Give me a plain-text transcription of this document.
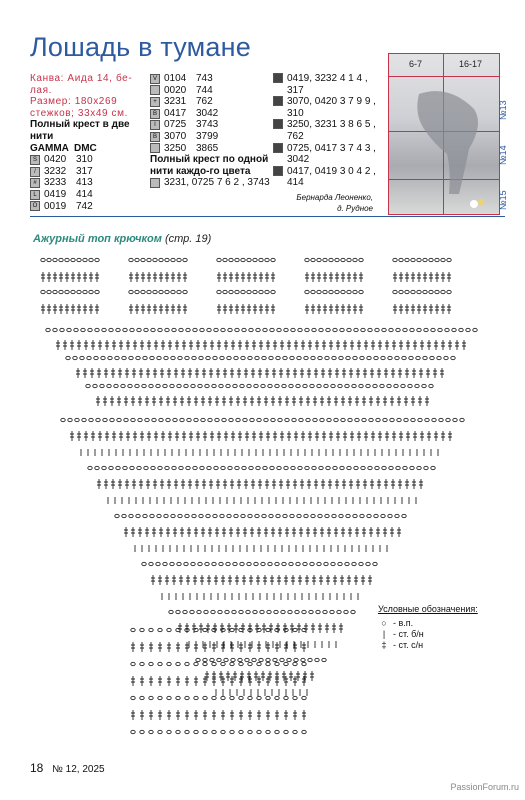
Лошадь в тумане
Канва: Аида 14, бе-лая.
Размер: 180х269 стежков; 33х49 см.
Полный крест в две нити
GAMMA DMC
S 0420 310
/ 3232 317
# 3233 413
L 0419 414
O 0019 742
V 0104 743
0020 744
+ 3231 762
B 0417 3042
I 0725 3743
B 3070 3799
3250 3865
Полный крест по одной нити каждо-го цвета
3231, 0725 7 6 2 , 3743
0419, 3232 4 1 4 , 317
3070, 0420 3 7 9 9 , 310
3250, 3231 3 8 6 5 , 762
0725, 0417 3 7 4 3 , 3042
0417, 0419 3 0 4 2 , 414
Бернарда Леоненко,
д. Рудное
6-7	16-17
№13
№14
№15
Ажурный топ крючком (стр. 19)
Условные обозначения:
○ - в.п.
| - ст. б/н
‡ - ст. с/н
18 № 12, 2025
PassionForum.ru
